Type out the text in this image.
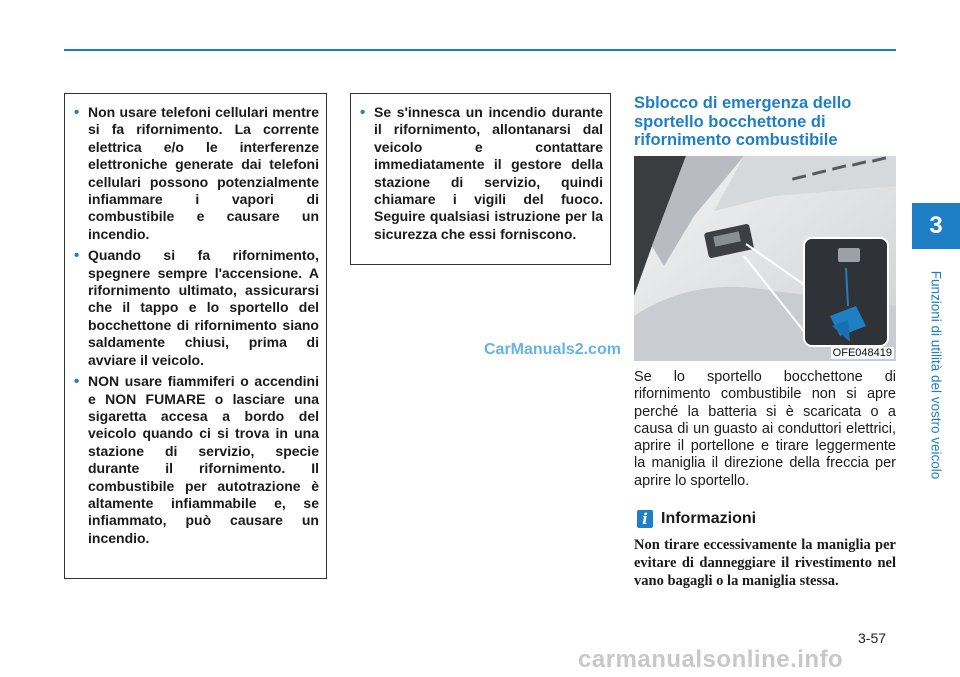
3
Funzioni di utilità del vostro veicolo
• Non usare telefoni cellulari mentre si fa rifornimento. La corrente elettrica e/o le interferenze elettroniche generate dai telefoni cellulari possono potenzialmente infiammare i vapori di combustibile e causare un incendio.
• Quando si fa rifornimento, spegnere sempre l'accensione. A rifornimento ultimato, assicurarsi che il tappo e lo sportello del bocchettone di rifornimento siano saldamente chiusi, prima di avviare il veicolo.
• NON usare fiammiferi o accendini e NON FUMARE o lasciare una sigaretta accesa a bordo del veicolo quando ci si trova in una stazione di servizio, specie durante il rifornimento. Il combustibile per autotrazione è altamente infiammabile e, se infiammato, può causare un incendio.
• Se s'innesca un incendio durante il rifornimento, allontanarsi dal veicolo e contattare immediatamente il gestore della stazione di servizio, quindi chiamare i vigili del fuoco. Seguire qualsiasi istruzione per la sicurezza che essi forniscono.
Sblocco di emergenza dello sportello bocchettone di rifornimento combustibile
OFE048419

Se lo sportello bocchettone di rifornimento combustibile non si apre perché la batteria si è scaricata o a causa di un guasto ai conduttori elettrici, aprire il portellone e tirare leggermente la maniglia il direzione della freccia per aprire lo sportello.

i Informazioni

Non tirare eccessivamente la maniglia per evitare di danneggiare il rivestimento nel vano bagagli o la maniglia stessa.

CarManuals2.com
3-57
carmanualsonline.info
